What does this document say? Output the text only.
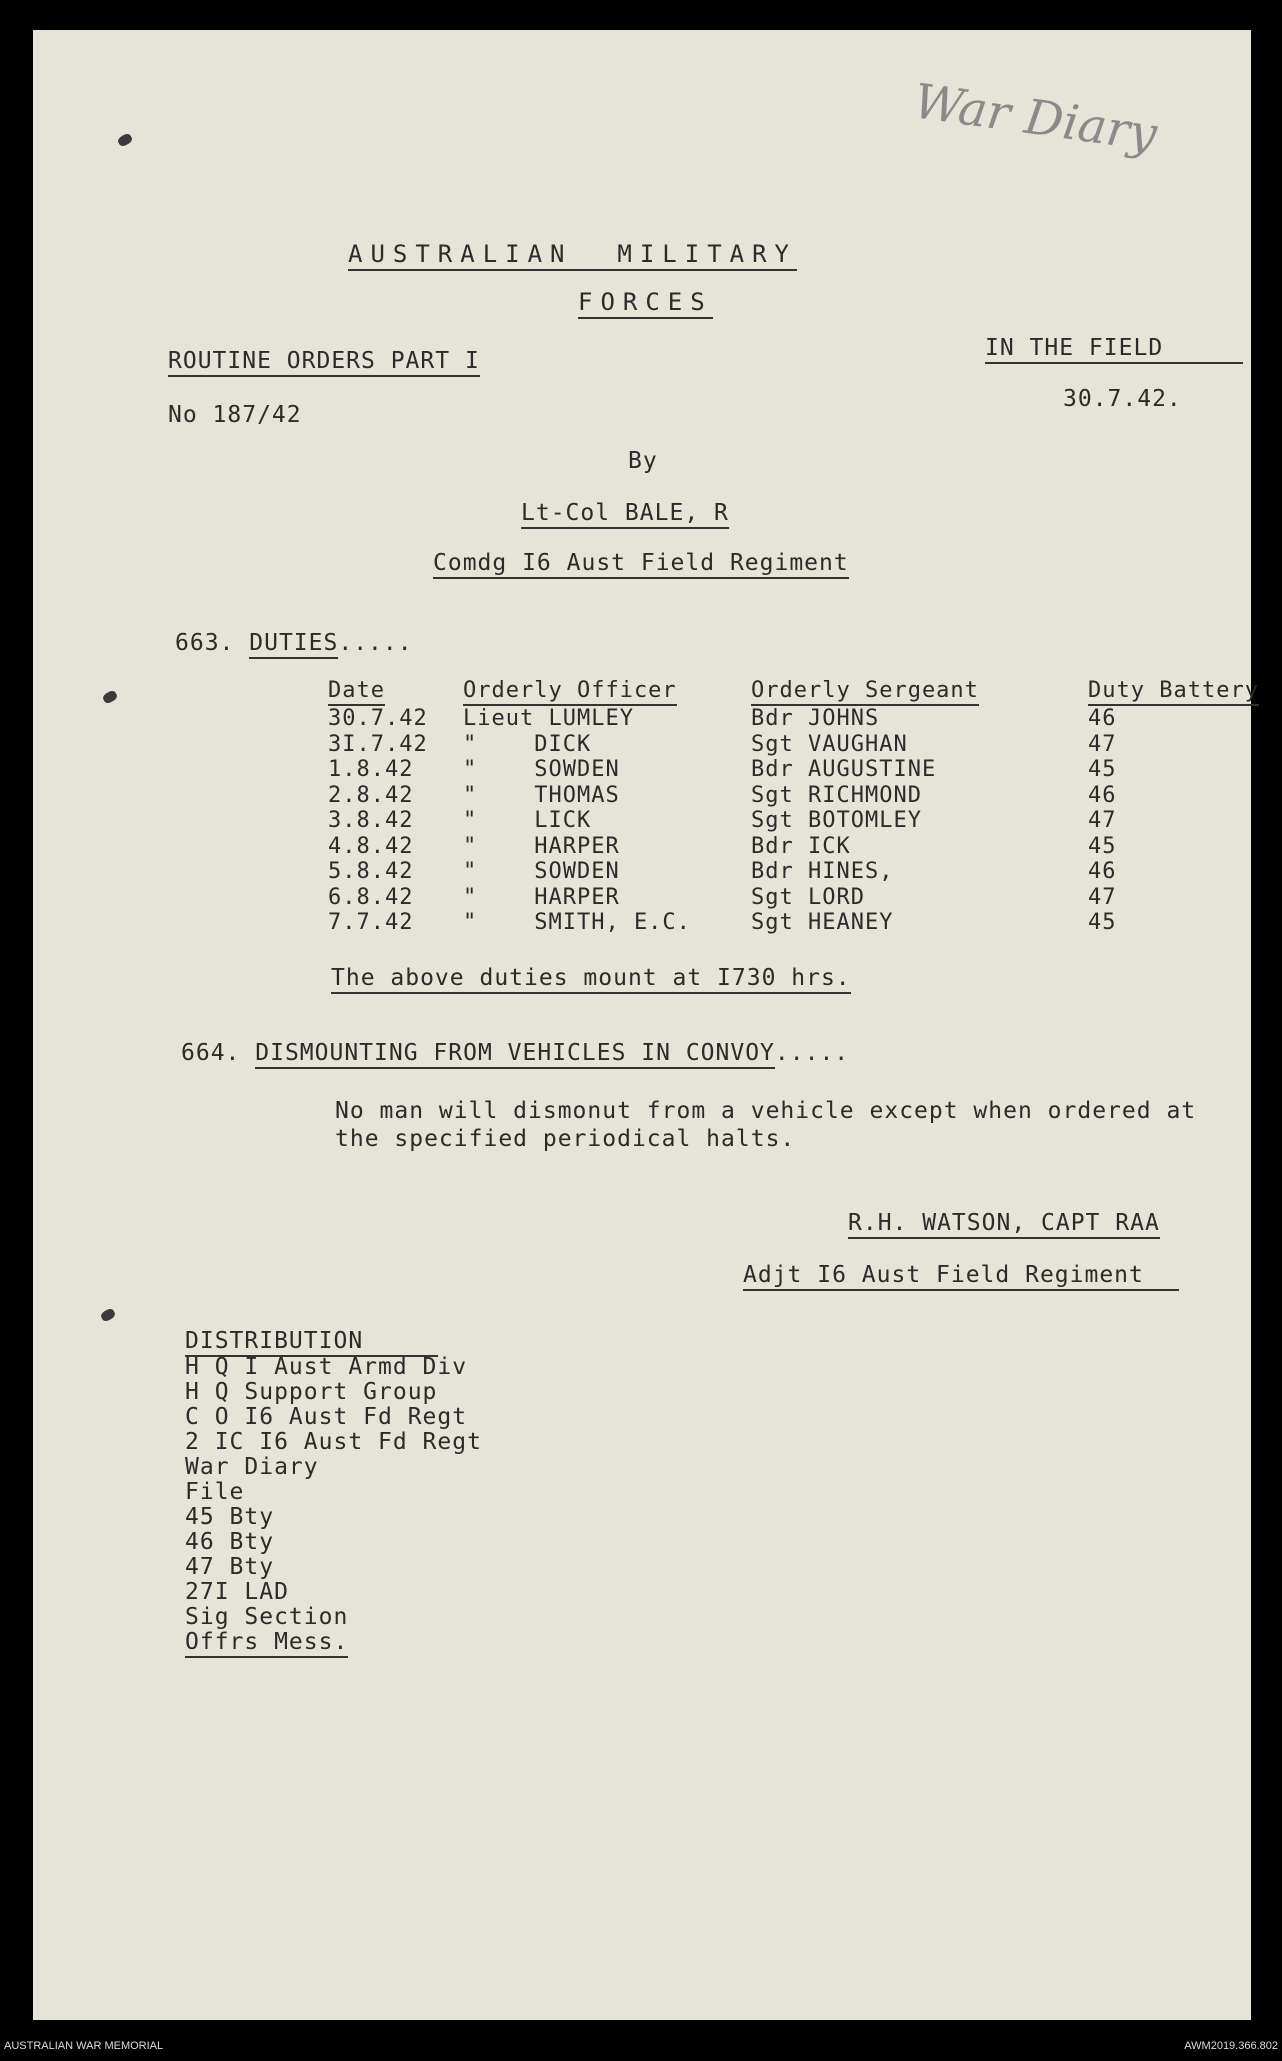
War Diary
AUSTRALIAN  MILITARY
FORCES
ROUTINE ORDERS PART I	IN THE FIELD
No 187/42
30.7.42.
By
Lt-Col BALE, R
Comdg I6 Aust Field Regiment
663. DUTIES.....
Date	Orderly Officer	Orderly Sergeant	Duty Battery
30.7.42 Lieut LUMLEY	Bdr JOHNS	46
3I.7.42 "    DICK	Sgt VAUGHAN	47
1.8.42 "    SOWDEN	Bdr AUGUSTINE	45
2.8.42 "    THOMAS	Sgt RICHMOND	46
3.8.42 "    LICK	Sgt BOTOMLEY	47
4.8.42 "    HARPER	Bdr ICK	45
5.8.42 "    SOWDEN	Bdr HINES,	46
6.8.42 "    HARPER	Sgt LORD	47
7.7.42 "    SMITH, E.C.	Sgt HEANEY	45
The above duties mount at I730 hrs.
664. DISMOUNTING FROM VEHICLES IN CONVOY.....
No man will dismonut from a vehicle except when ordered at
the specified periodical halts.
R.H. WATSON, CAPT RAA
Adjt I6 Aust Field Regiment
DISTRIBUTION
H Q I Aust Armd Div
H Q Support Group
C O I6 Aust Fd Regt
2 IC I6 Aust Fd Regt
War Diary
File
45 Bty
46 Bty
47 Bty
27I LAD
Sig Section
Offrs Mess.
AUSTRALIAN WAR MEMORIAL	AWM2019.366.802
